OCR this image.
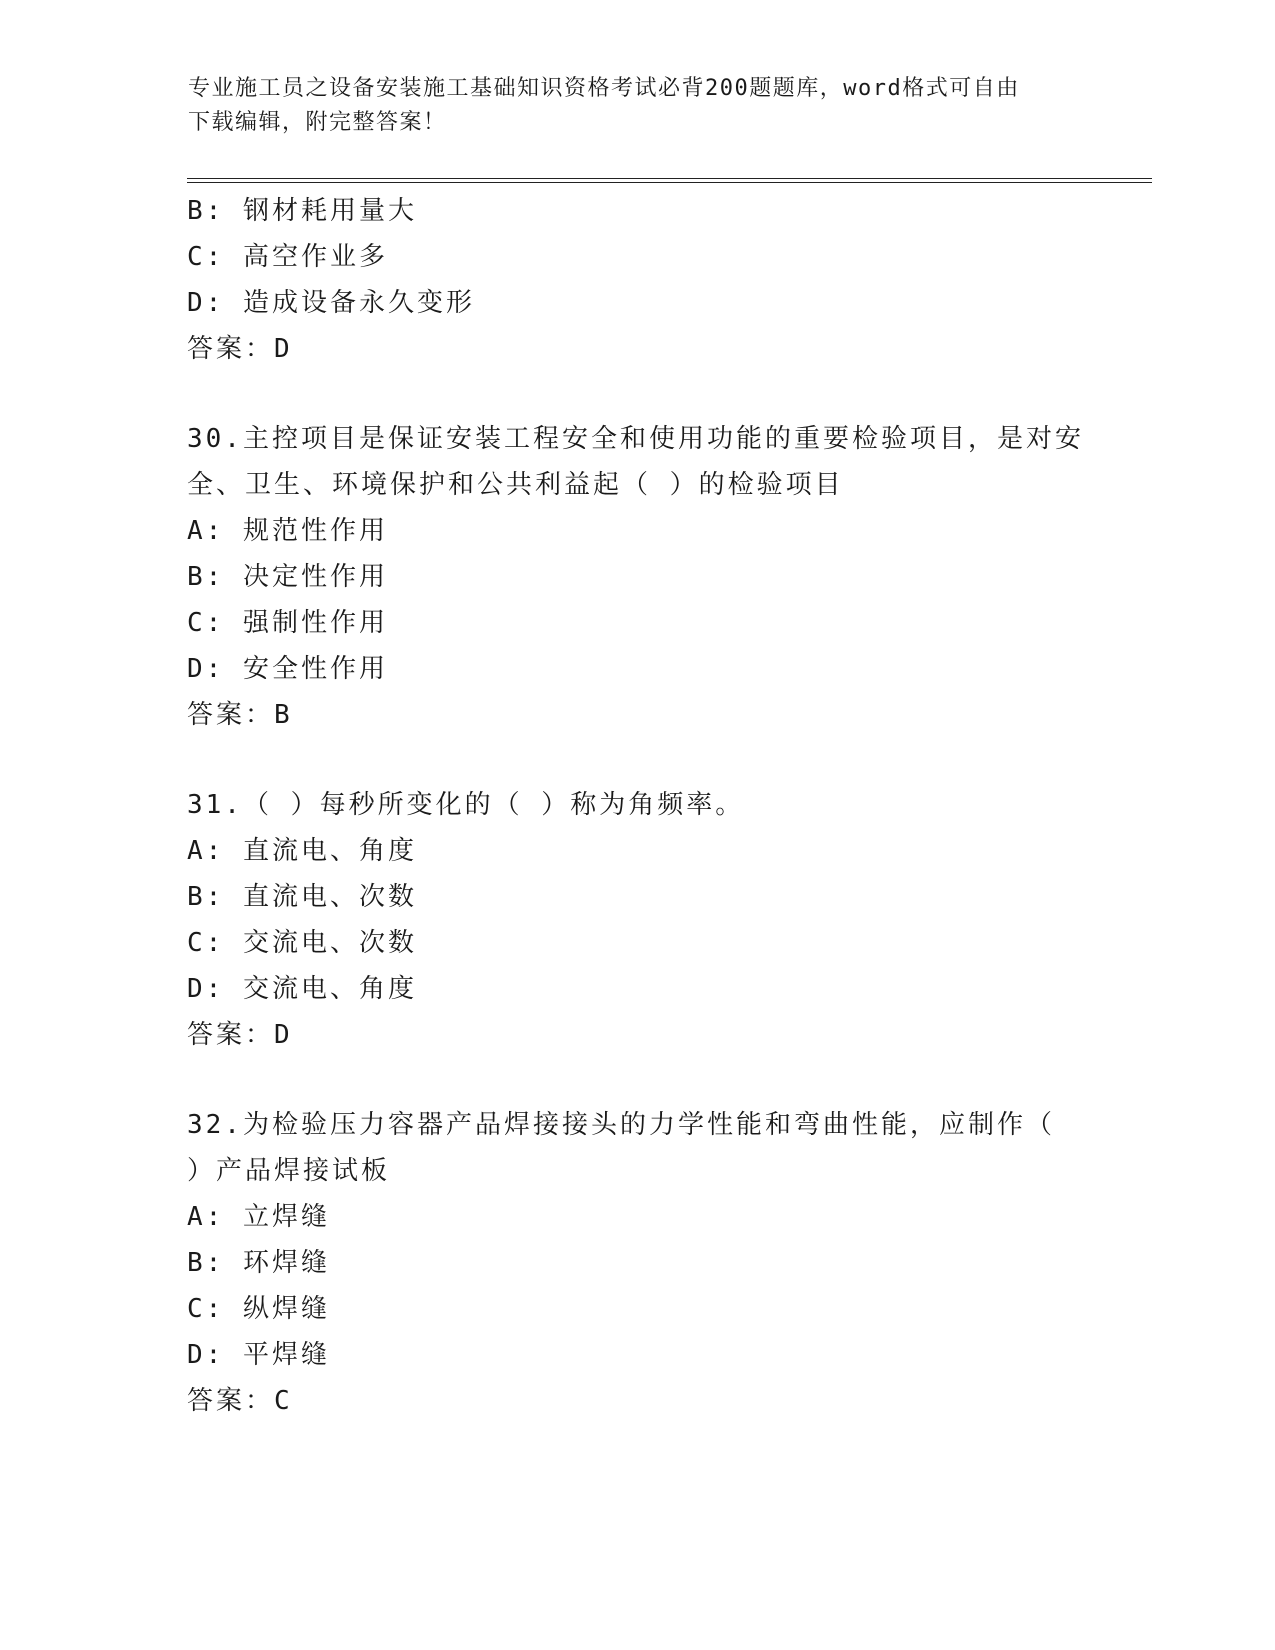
专业施工员之设备安装施工基础知识资格考试必背200题题库，word格式可自由
下载编辑，附完整答案！
B: 钢材耗用量大
C: 高空作业多
D: 造成设备永久变形
答案：D
30.主控项目是保证安装工程安全和使用功能的重要检验项目，是对安
全、卫生、环境保护和公共利益起（ ）的检验项目
A: 规范性作用
B: 决定性作用
C: 强制性作用
D: 安全性作用
答案：B
31.（ ）每秒所变化的（ ）称为角频率。
A: 直流电、角度
B: 直流电、次数
C: 交流电、次数
D: 交流电、角度
答案：D
32.为检验压力容器产品焊接接头的力学性能和弯曲性能，应制作（
）产品焊接试板
A: 立焊缝
B: 环焊缝
C: 纵焊缝
D: 平焊缝
答案：C
